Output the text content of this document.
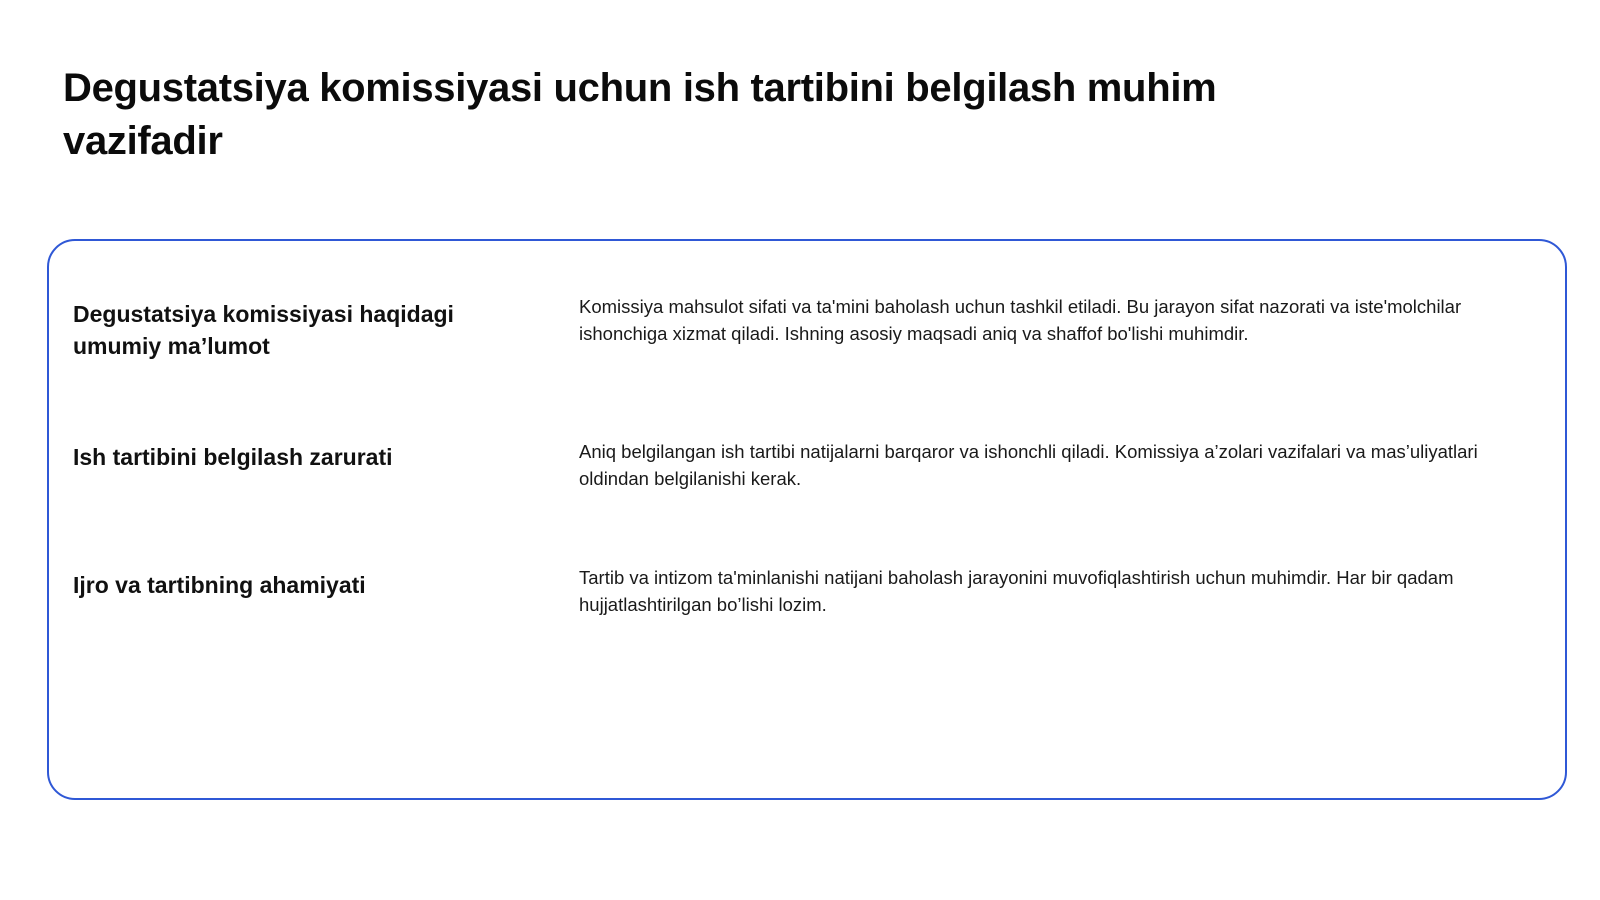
Degustatsiya komissiyasi uchun ish tartibini belgilash muhim vazifadir
Degustatsiya komissiyasi haqidagi umumiy ma’lumot

Komissiya mahsulot sifati va ta'mini baholash uchun tashkil etiladi. Bu jarayon sifat nazorati va iste'molchilar ishonchiga xizmat qiladi. Ishning asosiy maqsadi aniq va shaffof bo'lishi muhimdir.

Ish tartibini belgilash zarurati	Aniq belgilangan ish tartibi natijalarni barqaror va ishonchli qiladi. Komissiya a’zolari vazifalari va mas’uliyatlari oldindan belgilanishi kerak.

Ijro va tartibning ahamiyati	Tartib va intizom ta'minlanishi natijani baholash jarayonini muvofiqlashtirish uchun muhimdir. Har bir qadam hujjatlashtirilgan bo’lishi lozim.
